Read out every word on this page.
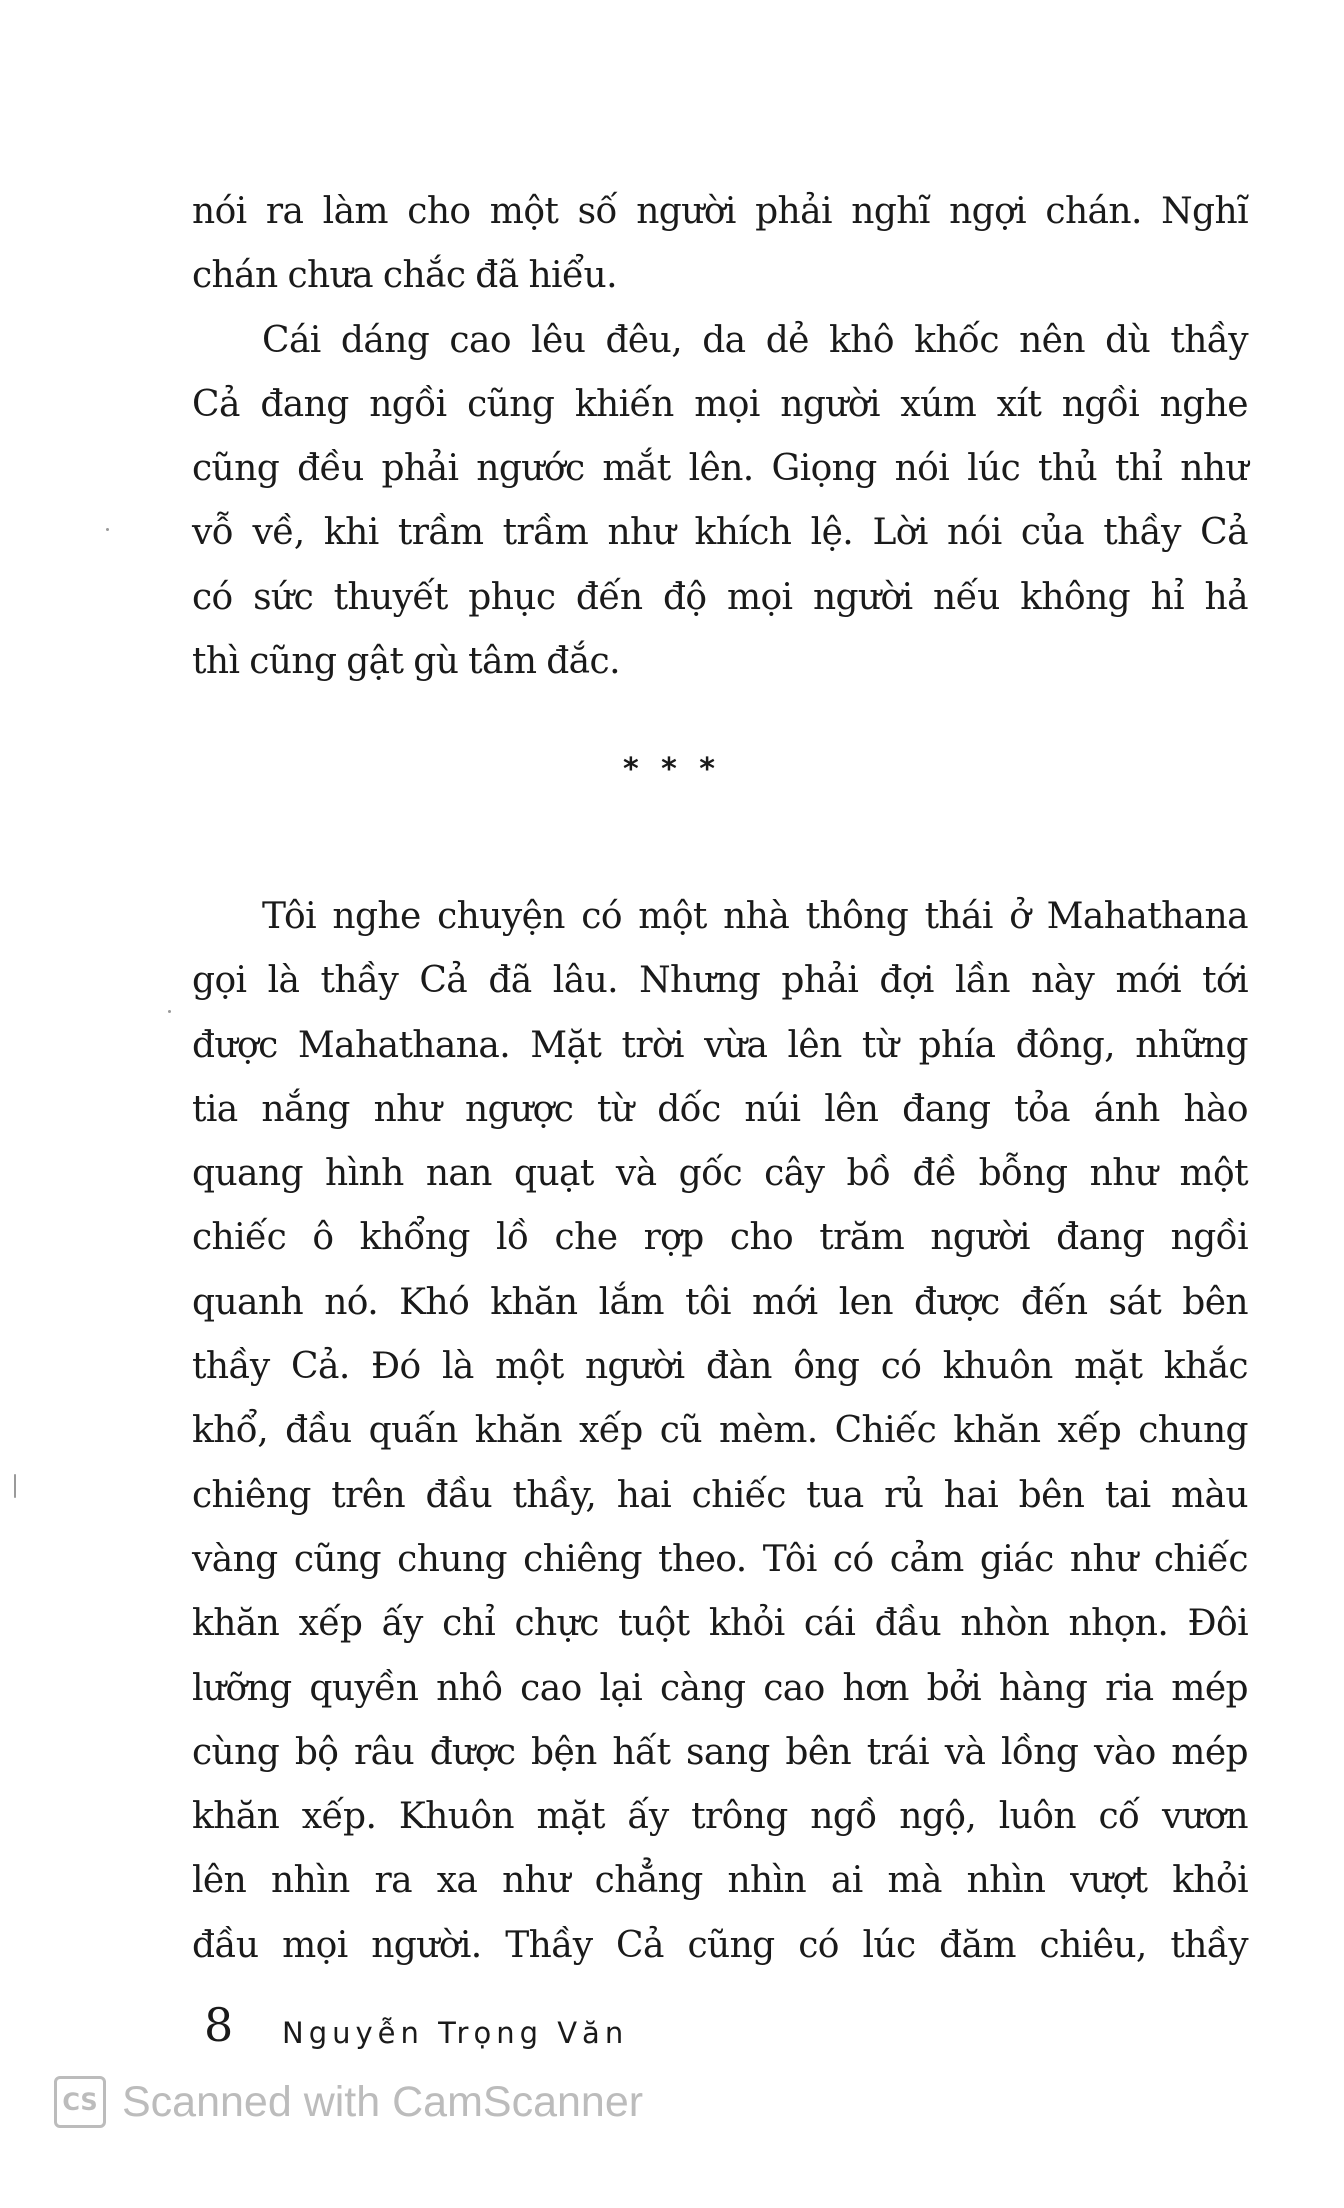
nói ra làm cho một số người phải nghĩ ngợi chán. Nghĩ
chán chưa chắc đã hiểu.
Cái dáng cao lêu đêu, da dẻ khô khốc nên dù thầy
Cả đang ngồi cũng khiến mọi người xúm xít ngồi nghe
cũng đều phải ngước mắt lên. Giọng nói lúc thủ thỉ như
vỗ về, khi trầm trầm như khích lệ. Lời nói của thầy Cả
có sức thuyết phục đến độ mọi người nếu không hỉ hả
thì cũng gật gù tâm đắc.
* * *
Tôi nghe chuyện có một nhà thông thái ở Mahathana
gọi là thầy Cả đã lâu. Nhưng phải đợi lần này mới tới
được Mahathana. Mặt trời vừa lên từ phía đông, những
tia nắng như ngược từ dốc núi lên đang tỏa ánh hào
quang hình nan quạt và gốc cây bồ đề bỗng như một
chiếc ô khổng lồ che rợp cho trăm người đang ngồi
quanh nó. Khó khăn lắm tôi mới len được đến sát bên
thầy Cả. Đó là một người đàn ông có khuôn mặt khắc
khổ, đầu quấn khăn xếp cũ mèm. Chiếc khăn xếp chung
chiêng trên đầu thầy, hai chiếc tua rủ hai bên tai màu
vàng cũng chung chiêng theo. Tôi có cảm giác như chiếc
khăn xếp ấy chỉ chực tuột khỏi cái đầu nhòn nhọn. Đôi
lưỡng quyền nhô cao lại càng cao hơn bởi hàng ria mép
cùng bộ râu được bện hất sang bên trái và lồng vào mép
khăn xếp. Khuôn mặt ấy trông ngồ ngộ, luôn cố vươn
lên nhìn ra xa như chẳng nhìn ai mà nhìn vượt khỏi
đầu mọi người. Thầy Cả cũng có lúc đăm chiêu, thầy
8 Nguyễn Trọng Văn
CS Scanned with CamScanner
